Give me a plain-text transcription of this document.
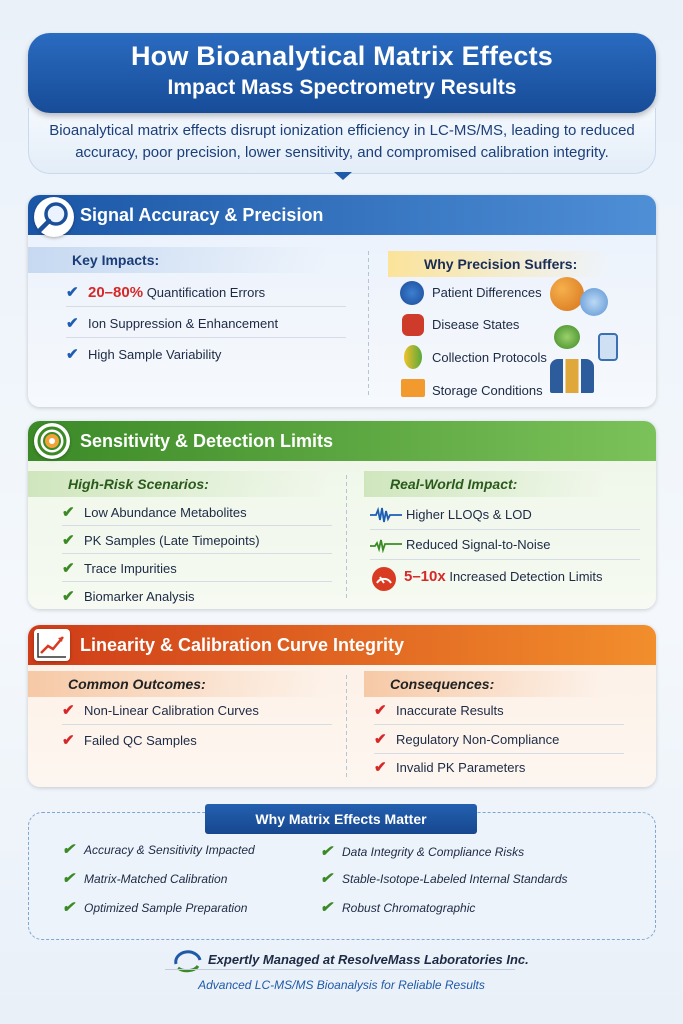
Bioanalytical matrix effects disrupt ionization efficiency in LC-MS/MS, leading to reduced
accuracy, poor precision, lower sensitivity, and compromised calibration integrity.
How Bioanalytical Matrix Effects
Impact Mass Spectrometry Results
Signal Accuracy & Precision
Key Impacts:
✔ 20–80% Quantification Errors
✔ Ion Suppression & Enhancement
✔ High Sample Variability
Why Precision Suffers:
Patient Differences
Disease States
Collection Protocols
Storage Conditions
Sensitivity & Detection Limits
High-Risk Scenarios:
✔ Low Abundance Metabolites
✔ PK Samples (Late Timepoints)
✔ Trace Impurities
✔ Biomarker Analysis
Real-World Impact:
Higher LLOQs & LOD
Reduced Signal-to-Noise
5–10x Increased Detection Limits
Linearity & Calibration Curve Integrity
Common Outcomes:
✔ Non-Linear Calibration Curves
✔ Failed QC Samples
Consequences:
✔ Inaccurate Results
✔ Regulatory Non-Compliance
✔ Invalid PK Parameters
Why Matrix Effects Matter
✔ Accuracy & Sensitivity Impacted
✔ Matrix-Matched Calibration
✔ Optimized Sample Preparation
✔ Data Integrity & Compliance Risks
✔ Stable-Isotope-Labeled Internal Standards
✔ Robust Chromatographic
Expertly Managed at ResolveMass Laboratories Inc.
Advanced LC-MS/MS Bioanalysis for Reliable Results
